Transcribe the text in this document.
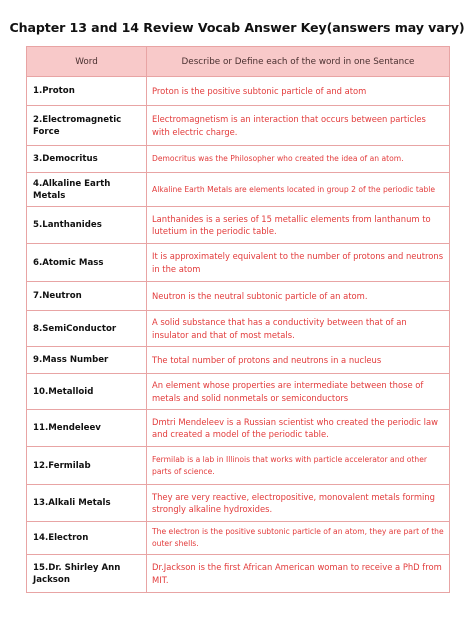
Chapter 13 and 14 Review Vocab Answer Key(answers may vary)
Word	Describe or Define each of the word in one Sentance
1.Proton	Proton is the positive subtonic particle of and atom
2.Electromagnetic Force	Electromagnetism is an interaction that occurs between particles with electric charge.
3.Democritus	Democritus was the Philosopher who created the idea of an atom.
4.Alkaline Earth Metals	Alkaline Earth Metals are elements located in group 2 of the periodic table
5.Lanthanides	Lanthanides is a series of 15 metallic elements from lanthanum to lutetium in the periodic table.
6.Atomic Mass	It is approximately equivalent to the number of protons and neutrons in the atom
7.Neutron	Neutron is the neutral subtonic particle of an atom.
8.SemiConductor	A solid substance that has a conductivity between that of an insulator and that of most metals.
9.Mass Number	The total number of protons and neutrons in a nucleus
10.Metalloid	An element whose properties are intermediate between those of metals and solid nonmetals or semiconductors
11.Mendeleev	Dmtri Mendeleev is a Russian scientist who created the periodic law and created a model of the periodic table.
12.Fermilab	Fermilab is a lab in Illinois that works with particle accelerator and other parts of science.
13.Alkali Metals	They are very reactive, electropositive, monovalent metals forming strongly alkaline hydroxides.
14.Electron	The electron is the positive subtonic particle of an atom, they are part of the outer shells.
15.Dr. Shirley Ann Jackson	Dr.Jackson is the first African American woman to receive a PhD from MIT.
